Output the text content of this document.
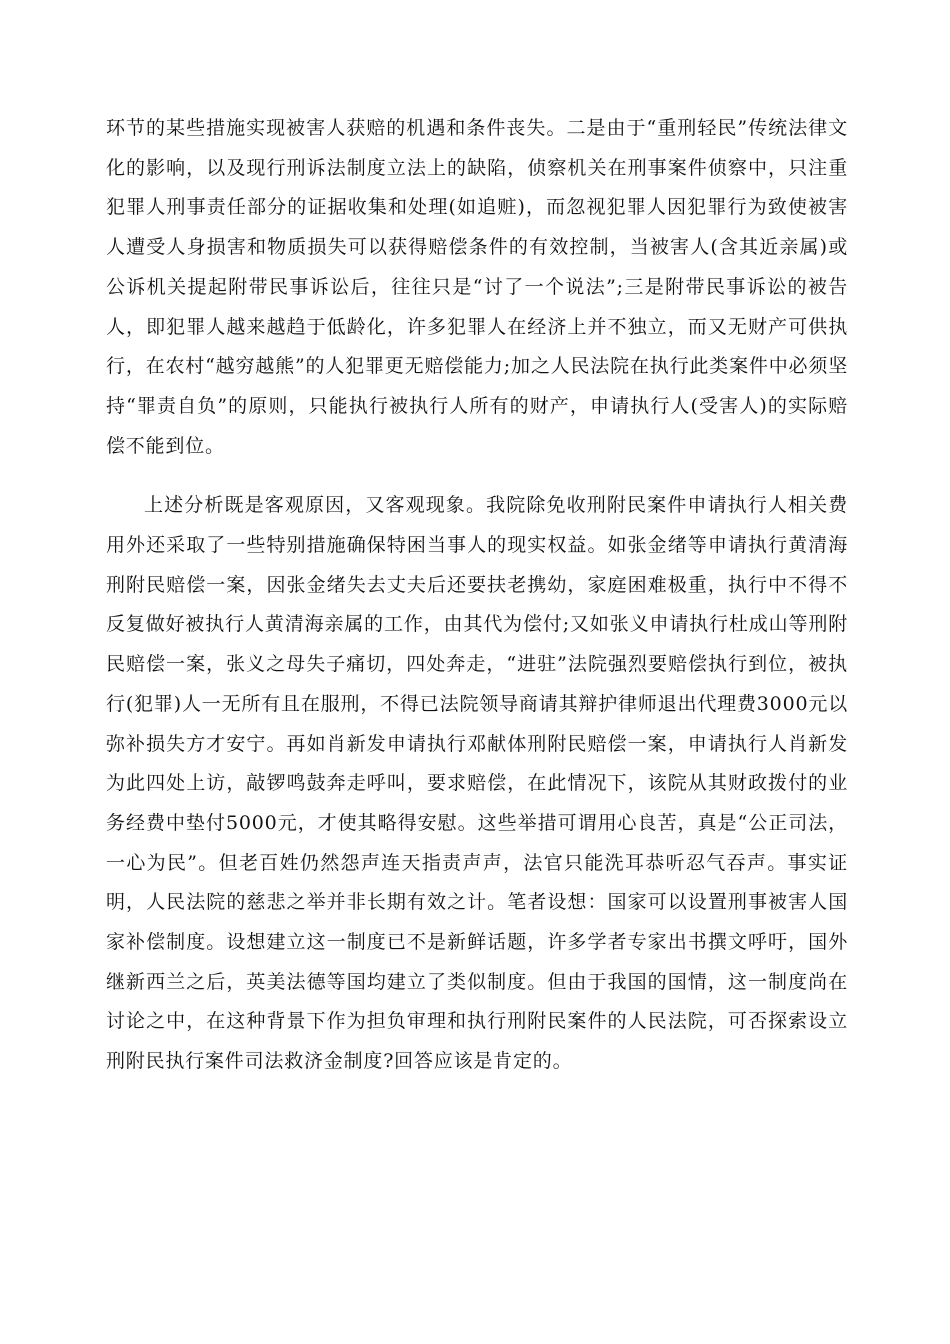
环节的某些措施实现被害人获赔的机遇和条件丧失。二是由于“重刑轻民”传统法律文化的影响，以及现行刑诉法制度立法上的缺陷，侦察机关在刑事案件侦察中，只注重犯罪人刑事责任部分的证据收集和处理(如追赃)，而忽视犯罪人因犯罪行为致使被害人遭受人身损害和物质损失可以获得赔偿条件的有效控制，当被害人(含其近亲属)或公诉机关提起附带民事诉讼后，往往只是“讨了一个说法”;三是附带民事诉讼的被告人，即犯罪人越来越趋于低龄化，许多犯罪人在经济上并不独立，而又无财产可供执行，在农村“越穷越熊”的人犯罪更无赔偿能力;加之人民法院在执行此类案件中必须坚持“罪责自负”的原则，只能执行被执行人所有的财产，申请执行人(受害人)的实际赔偿不能到位。

上述分析既是客观原因，又客观现象。我院除免收刑附民案件申请执行人相关费用外还采取了一些特别措施确保特困当事人的现实权益。如张金绪等申请执行黄清海刑附民赔偿一案，因张金绪失去丈夫后还要扶老携幼，家庭困难极重，执行中不得不反复做好被执行人黄清海亲属的工作，由其代为偿付;又如张义申请执行杜成山等刑附民赔偿一案，张义之母失子痛切，四处奔走，“进驻”法院强烈要赔偿执行到位，被执行(犯罪)人一无所有且在服刑，不得已法院领导商请其辩护律师退出代理费3000元以弥补损失方才安宁。再如肖新发申请执行邓献体刑附民赔偿一案，申请执行人肖新发为此四处上访，敲锣鸣鼓奔走呼叫，要求赔偿，在此情况下，该院从其财政拨付的业务经费中垫付5000元，才使其略得安慰。这些举措可谓用心良苦，真是“公正司法，一心为民”。但老百姓仍然怨声连天指责声声，法官只能洗耳恭听忍气吞声。事实证明，人民法院的慈悲之举并非长期有效之计。笔者设想：国家可以设置刑事被害人国家补偿制度。设想建立这一制度已不是新鲜话题，许多学者专家出书撰文呼吁，国外继新西兰之后，英美法德等国均建立了类似制度。但由于我国的国情，这一制度尚在讨论之中，在这种背景下作为担负审理和执行刑附民案件的人民法院，可否探索设立刑附民执行案件司法救济金制度?回答应该是肯定的。
